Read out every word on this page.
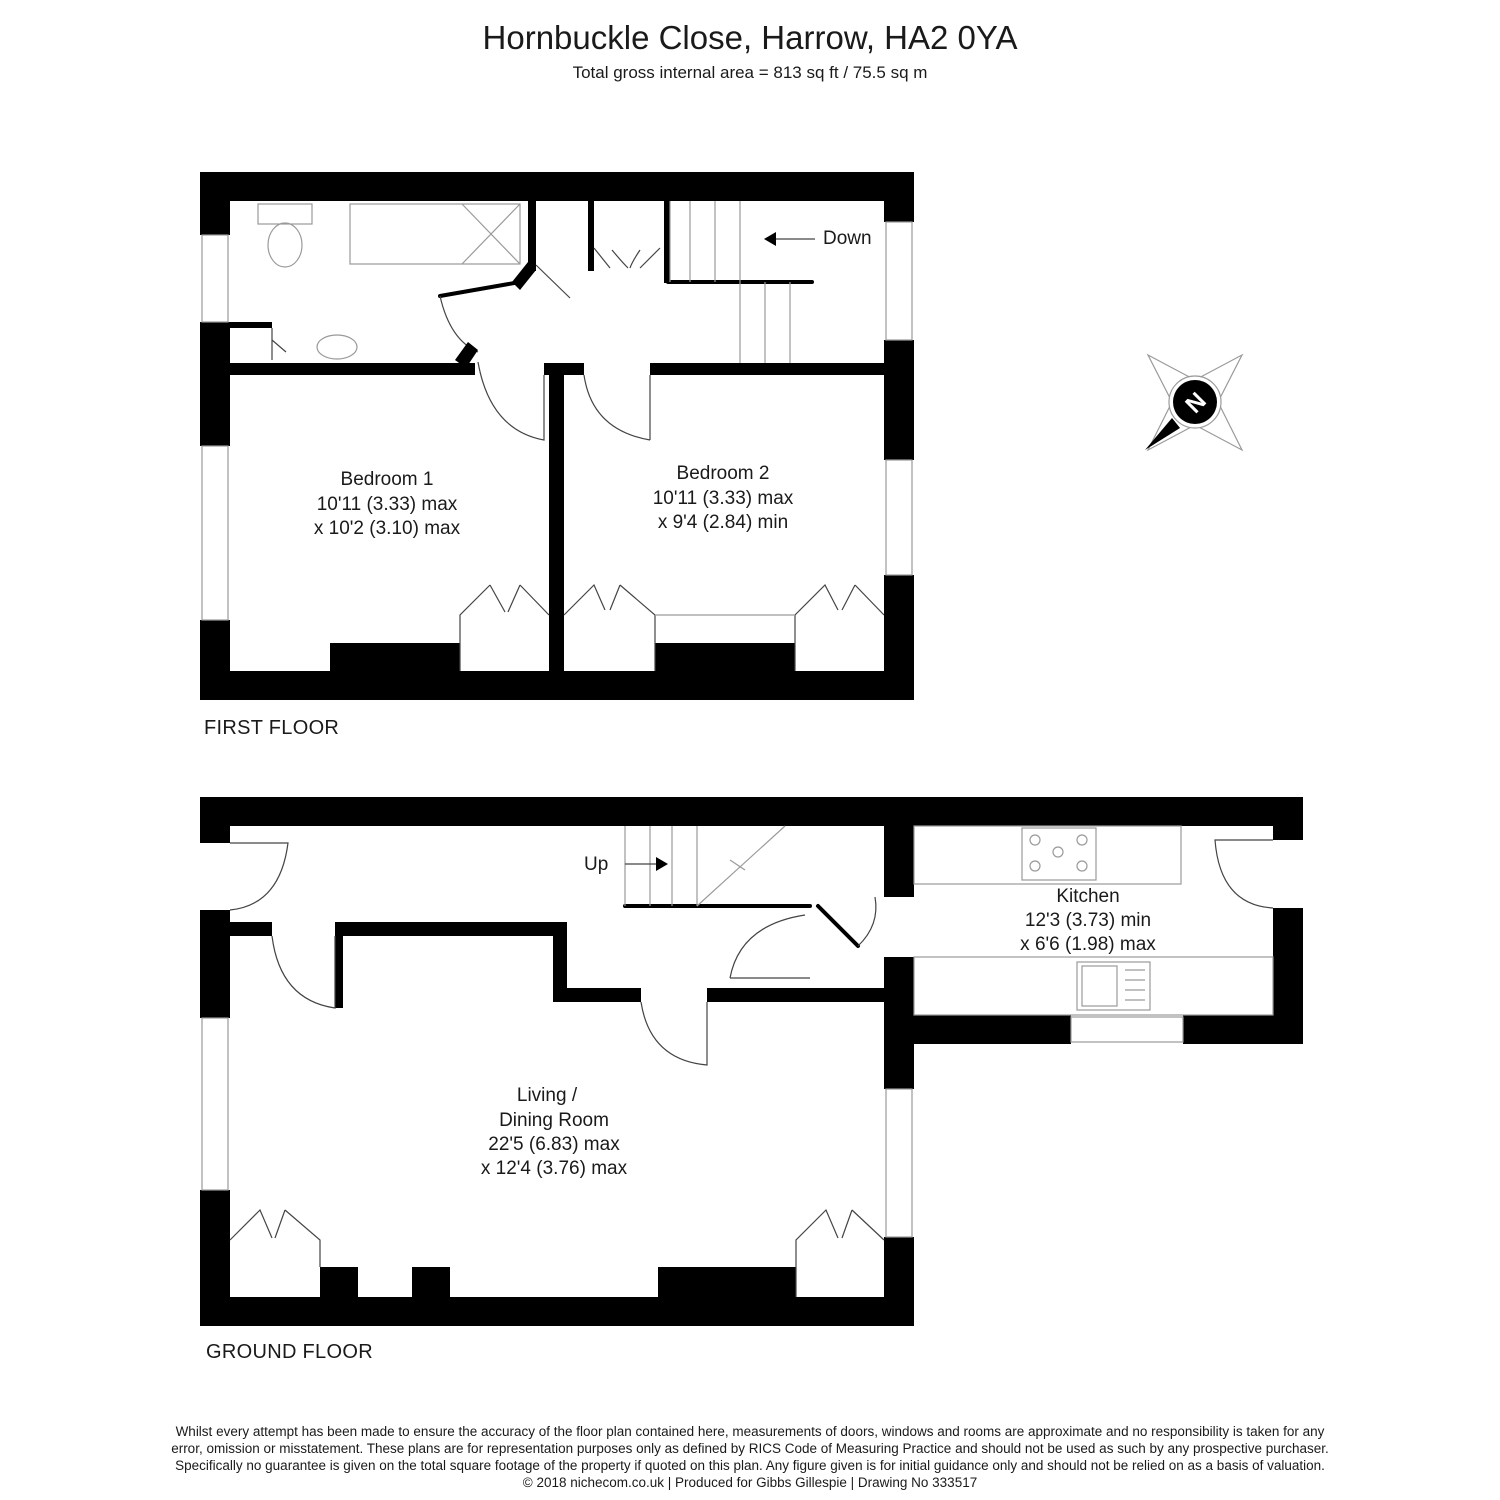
Hornbuckle Close, Harrow, HA2 0YA
Total gross internal area = 813 sq ft / 75.5 sq m
Down
Bedroom 1
10'11 (3.33) max
x 10'2 (3.10) max
Bedroom 2
10'11 (3.33) max
x 9'4 (2.84) min
Up
Living /
Dining Room
22'5 (6.83) max
x 12'4 (3.76) max
Kitchen
12'3 (3.73) min
x 6'6 (1.98) max
N
FIRST FLOOR
GROUND FLOOR
Whilst every attempt has been made to ensure the accuracy of the floor plan contained here, measurements of doors, windows and rooms are approximate and no responsibility is taken for any
error, omission or misstatement. These plans are for representation purposes only as defined by RICS Code of Measuring Practice and should not be used as such by any prospective purchaser.
Specifically no guarantee is given on the total square footage of the property if quoted on this plan. Any figure given is for initial guidance only and should not be relied on as a basis of valuation.
© 2018 nichecom.co.uk | Produced for Gibbs Gillespie | Drawing No 333517
